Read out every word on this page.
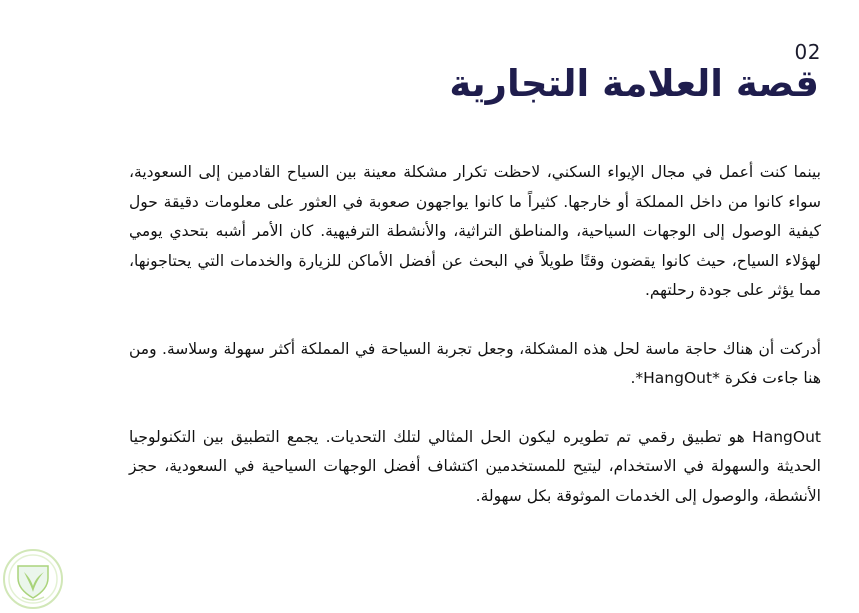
02
قصة العلامة التجارية

بينما كنت أعمل في مجال الإيواء السكني، لاحظت تكرار مشكلة معينة بين السياح القادمين إلى السعودية، سواء كانوا من داخل المملكة أو خارجها. كثيراً ما كانوا يواجهون صعوبة في العثور على معلومات دقيقة حول كيفية الوصول إلى الوجهات السياحية، والمناطق التراثية، والأنشطة الترفيهية. كان الأمر أشبه بتحدي يومي لهؤلاء السياح، حيث كانوا يقضون وقتًا طويلاً في البحث عن أفضل الأماكن للزيارة والخدمات التي يحتاجونها، مما يؤثر على جودة رحلتهم.

أدركت أن هناك حاجة ماسة لحل هذه المشكلة، وجعل تجربة السياحة في المملكة أكثر سهولة وسلاسة. ومن هنا جاءت فكرة *HangOut*.

HangOut هو تطبيق رقمي تم تطويره ليكون الحل المثالي لتلك التحديات. يجمع التطبيق بين التكنولوجيا الحديثة والسهولة في الاستخدام، ليتيح للمستخدمين اكتشاف أفضل الوجهات السياحية في السعودية، حجز الأنشطة، والوصول إلى الخدمات الموثوقة بكل سهولة.
